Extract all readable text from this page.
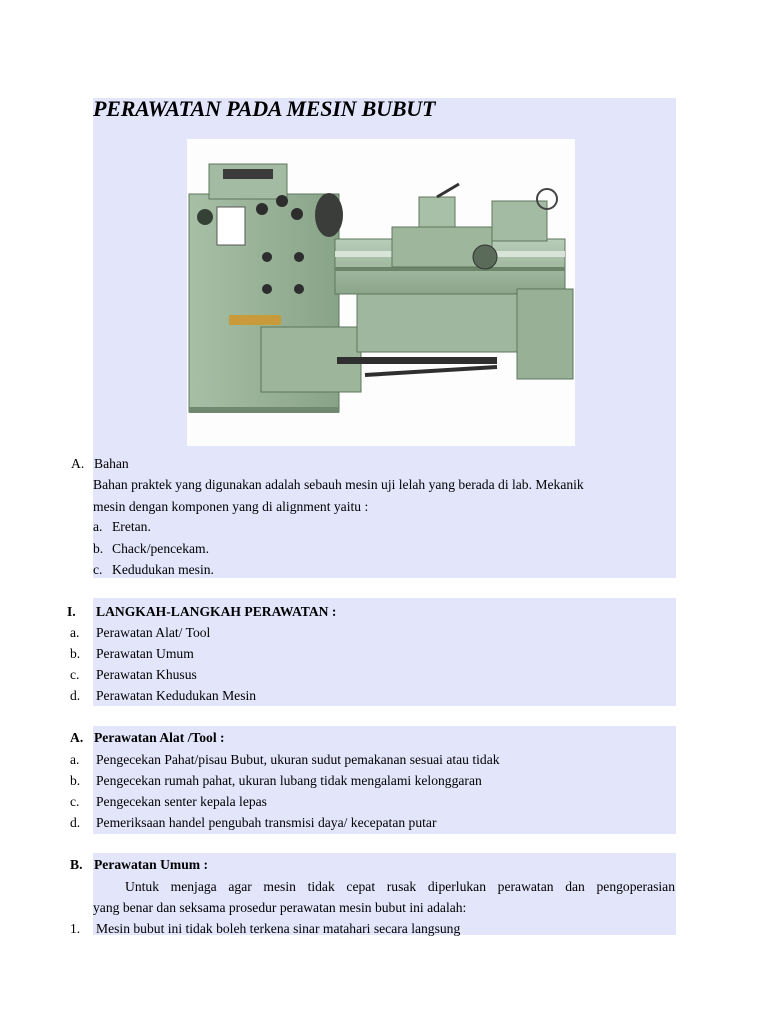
PERAWATAN PADA MESIN BUBUT
A. Bahan
Bahan praktek yang digunakan adalah sebauh mesin uji lelah yang berada di lab. Mekanik
mesin dengan komponen yang di alignment yaitu :
a. Eretan.
b. Chack/pencekam.
c. Kedudukan mesin.
I. LANGKAH-LANGKAH PERAWATAN :
a. Perawatan Alat/ Tool
b. Perawatan Umum
c. Perawatan Khusus
d. Perawatan Kedudukan Mesin
A. Perawatan Alat /Tool :
a. Pengecekan Pahat/pisau Bubut, ukuran sudut pemakanan sesuai atau tidak
b. Pengecekan rumah pahat, ukuran lubang tidak mengalami kelonggaran
c. Pengecekan senter kepala lepas
d. Pemeriksaan handel pengubah transmisi daya/ kecepatan putar
B. Perawatan Umum :
Untuk menjaga agar mesin tidak cepat rusak diperlukan perawatan dan pengoperasian
yang benar dan seksama prosedur perawatan mesin bubut ini adalah:
1. Mesin bubut ini tidak boleh terkena sinar matahari secara langsung
